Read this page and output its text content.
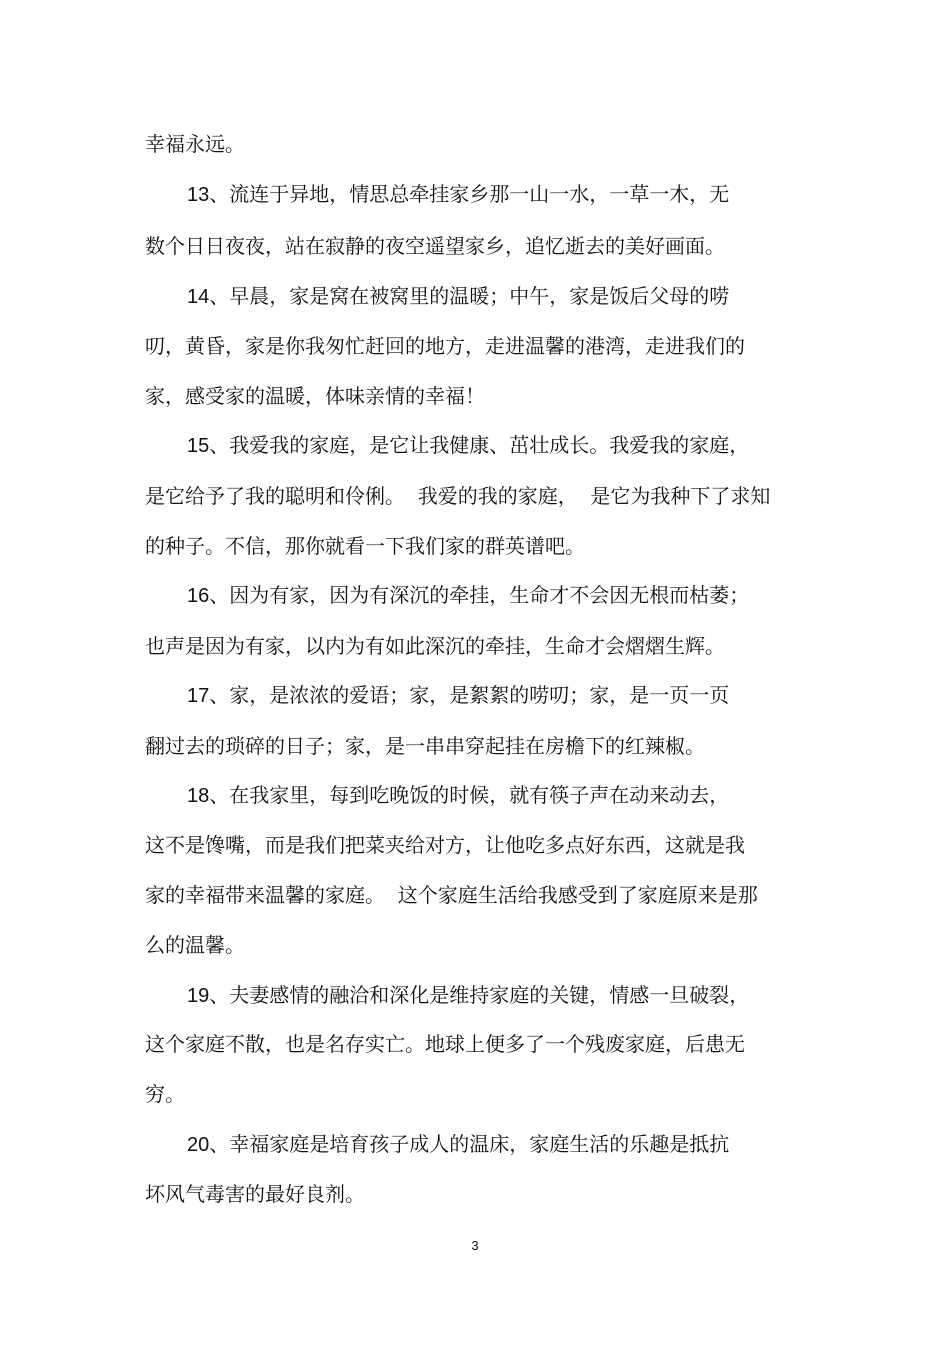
幸福永远。
13、流连于异地，情思总牵挂家乡那一山一水，一草一木，无
数个日日夜夜，站在寂静的夜空遥望家乡，追忆逝去的美好画面。
14、早晨，家是窝在被窝里的温暖；中午，家是饭后父母的唠
叨，黄昏，家是你我匆忙赶回的地方，走进温馨的港湾，走进我们的
家，感受家的温暖，体味亲情的幸福！
15、我爱我的家庭，是它让我健康、茁壮成长。我爱我的家庭，
是它给予了我的聪明和伶俐。  我爱的我的家庭，  是它为我种下了求知
的种子。不信，那你就看一下我们家的群英谱吧。
16、因为有家，因为有深沉的牵挂，生命才不会因无根而枯萎；
也声是因为有家，以内为有如此深沉的牵挂，生命才会熠熠生辉。
17、家，是浓浓的爱语；家，是絮絮的唠叨；家，是一页一页
翻过去的琐碎的日子；家，是一串串穿起挂在房檐下的红辣椒。
18、在我家里，每到吃晚饭的时候，就有筷子声在动来动去，
这不是馋嘴，而是我们把菜夹给对方，让他吃多点好东西，这就是我
家的幸福带来温馨的家庭。  这个家庭生活给我感受到了家庭原来是那
么的温馨。
19、夫妻感情的融洽和深化是维持家庭的关键，情感一旦破裂，
这个家庭不散，也是名存实亡。地球上便多了一个残废家庭，后患无
穷。
20、幸福家庭是培育孩子成人的温床，家庭生活的乐趣是抵抗
坏风气毒害的最好良剂。
3
